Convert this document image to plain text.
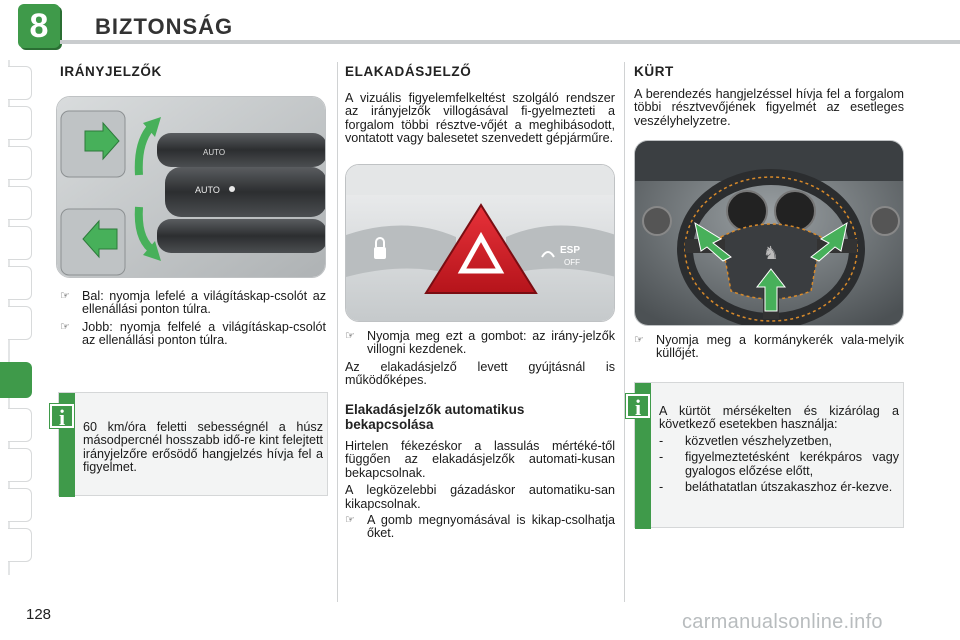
8	BIZTONSÁG
IRÁNYJELZŐK
AUTO
AUTO
☞ Bal: nyomja lefelé a világításkap-csolót az ellenállási ponton túlra.
☞ Jobb: nyomja felfelé a világításkap-csolót az ellenállási ponton túlra.
60 km/óra feletti sebességnél a húsz másodpercnél hosszabb idő-re kint felejtett irányjelzőre erősödő hangjelzés hívja fel a figyelmet.
i
ELAKADÁSJELZŐ

A vizuális figyelemfelkeltést szolgáló rendszer az irányjelzők villogásával fi-gyelmezteti a forgalom többi résztve-vőjét a meghibásodott, vontatott vagy balesetet szenvedett gépjárműre.

ESP
OFF
☞ Nyomja meg ezt a gombot: az irány-jelzők villogni kezdenek.

Az elakadásjelző levett gyújtásnál is működőképes.

Elakadásjelzők automatikus bekapcsolása

Hirtelen fékezéskor a lassulás mértéké-től függően az elakadásjelzők automati-kusan bekapcsolnak.

A legközelebbi gázadáskor automatiku-san kikapcsolnak.

☞ A gomb megnyomásával is kikap-csolhatja őket.
KÜRT

A berendezés hangjelzéssel hívja fel a forgalom többi résztvevőjének figyelmét az esetleges veszélyhelyzetre.

♞
☞ Nyomja meg a kormánykerék vala-melyik küllőjét.

A kürtöt mérsékelten és kizárólag a következő esetekben használja:

- közvetlen vészhelyzetben,
- figyelmeztetésként kerékpáros vagy gyalogos előzése előtt,
- beláthatatlan útszakaszhoz ér-kezve.
i
128	carmanualsonline.info
